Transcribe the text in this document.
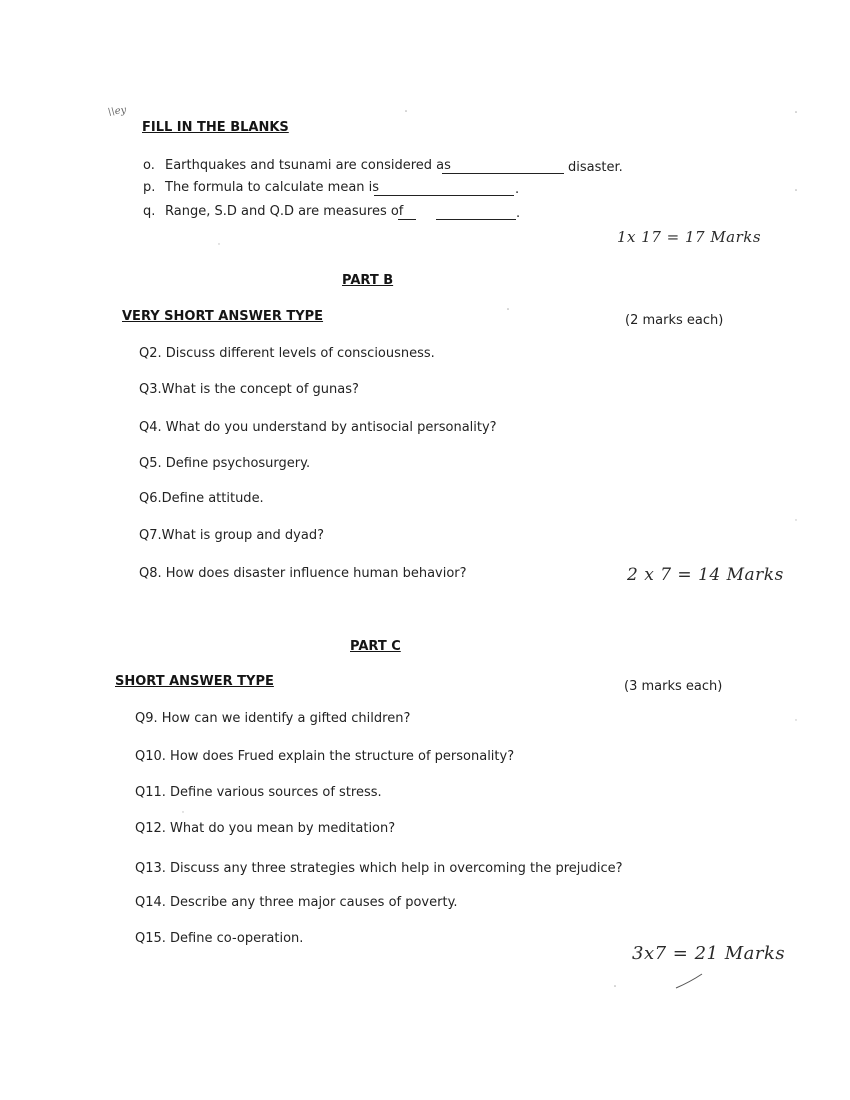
\\ey
FILL IN THE BLANKS
o. Earthquakes and tsunami are considered as	disaster.
p. The formula to calculate mean is	.
q. Range, S.D and Q.D are measures of	.
1x 17 = 17 Marks
PART B
VERY SHORT ANSWER TYPE	(2 marks each)
Q2. Discuss different levels of consciousness.
Q3.What is the concept of gunas?
Q4. What do you understand by antisocial personality?
Q5. Define psychosurgery.
Q6.Define attitude.
Q7.What is group and dyad?
Q8. How does disaster influence human behavior?	2 x 7 = 14 Marks
PART C
SHORT ANSWER TYPE	(3 marks each)
Q9. How can we identify a gifted children?
Q10. How does Frued explain the structure of personality?
Q11. Define various sources of stress.
Q12. What do you mean by meditation?
Q13. Discuss any three strategies which help in overcoming the prejudice?
Q14. Describe any three major causes of poverty.
Q15. Define co-operation.
3x7 = 21 Marks
